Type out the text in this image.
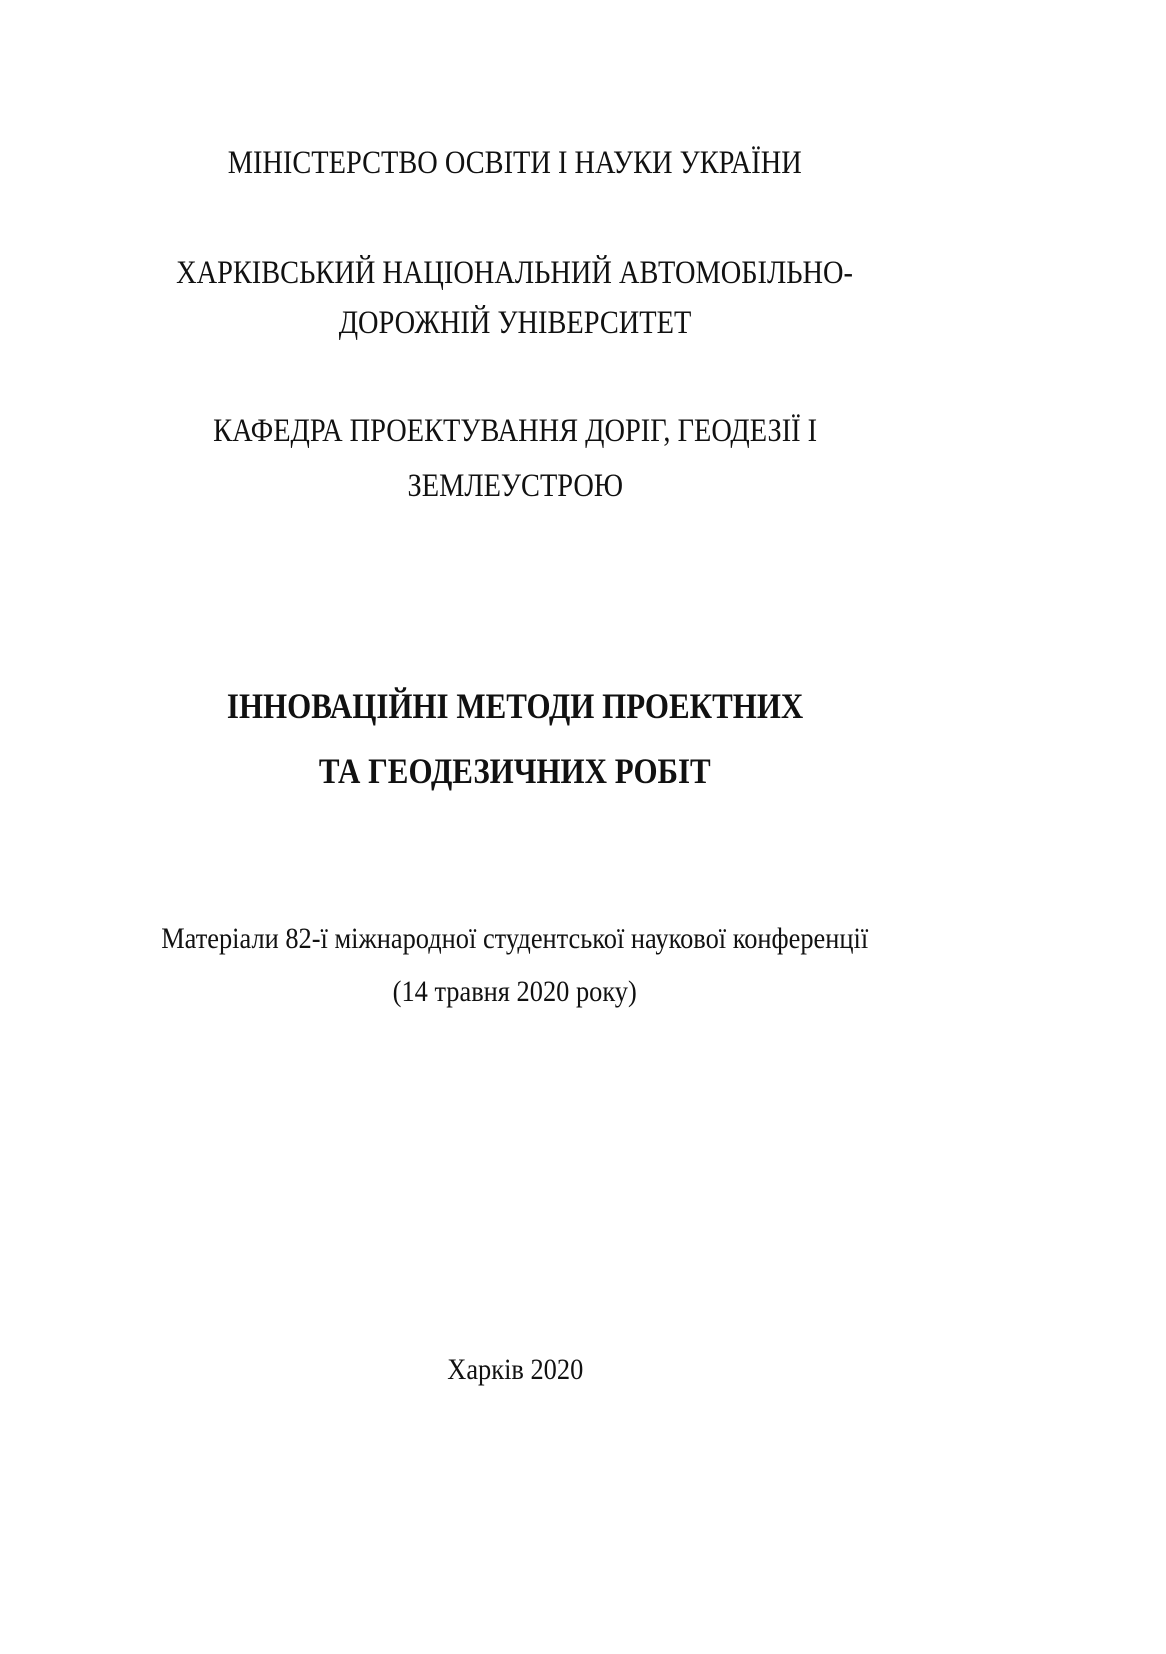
МІНІСТЕРСТВО ОСВІТИ І НАУКИ УКРАЇНИ
ХАРКІВСЬКИЙ НАЦІОНАЛЬНИЙ АВТОМОБІЛЬНО-
ДОРОЖНІЙ УНІВЕРСИТЕТ
КАФЕДРА ПРОЕКТУВАННЯ ДОРІГ, ГЕОДЕЗІЇ І
ЗЕМЛЕУСТРОЮ
ІННОВАЦІЙНІ МЕТОДИ ПРОЕКТНИХ
ТА ГЕОДЕЗИЧНИХ РОБІТ
Матеріали 82-ї міжнародної студентської наукової конференції
(14 травня 2020 року)
Харків 2020
